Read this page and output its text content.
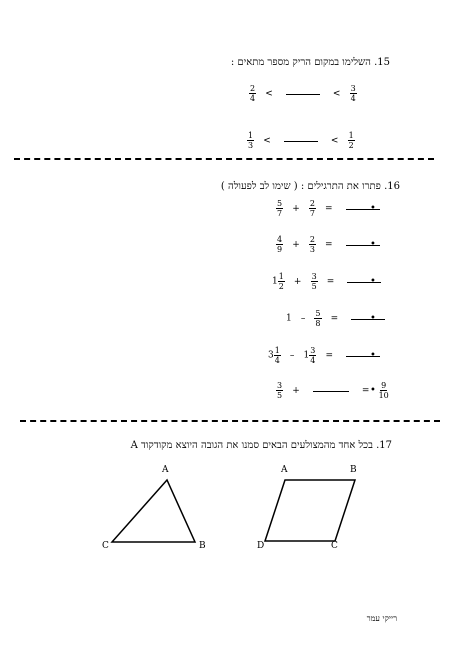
15. השלימו במקום הריק מספר מתאים :
$\frac{2}{4}$ <	< $\frac{3}{4}$
$\frac{1}{3}$ <	< $\frac{1}{2}$
16. פתרו את התרגילים : ( שימו לב לפעולה )
$\frac{5}{7} + \frac{2}{7}$ =	•
$\frac{4}{9} + \frac{2}{3}$ =	•
$1 \frac{1}{2} + \frac{3}{5}$ =	•
$1 - \frac{5}{8}$ =	•
$3 \frac{1}{4} - 1 \frac{3}{4}$ =	•
$\frac{3}{5}$ +	= $\frac{9}{10}$
•
17. בכל אחד מהמצולעים הבאים סמנו את הגובה היוצא מקודקוד A
A
C	B
A	B
D	C
רייקי עמר
